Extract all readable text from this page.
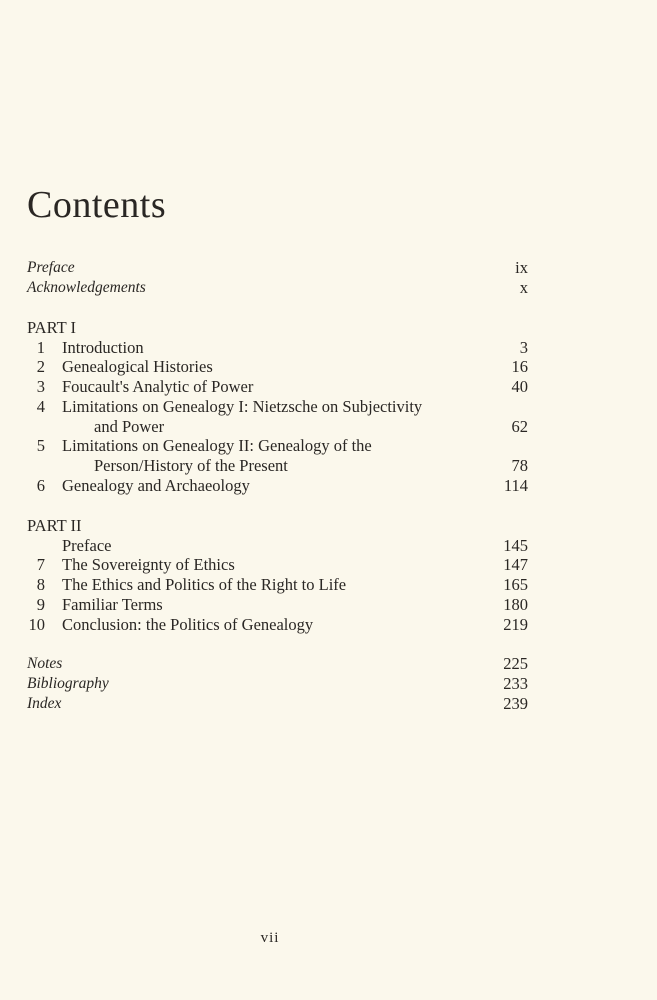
Contents
Preface	ix
Acknowledgements	x
PART I
1 Introduction	3
2 Genealogical Histories	16
3 Foucault's Analytic of Power	40
4 Limitations on Genealogy I: Nietzsche on Subjectivity
and Power	62
5 Limitations on Genealogy II: Genealogy of the
Person/History of the Present	78
6 Genealogy and Archaeology	114
PART II
Preface	145
7 The Sovereignty of Ethics	147
8 The Ethics and Politics of the Right to Life	165
9 Familiar Terms	180
10 Conclusion: the Politics of Genealogy	219
Notes	225
Bibliography	233
Index	239
vii
